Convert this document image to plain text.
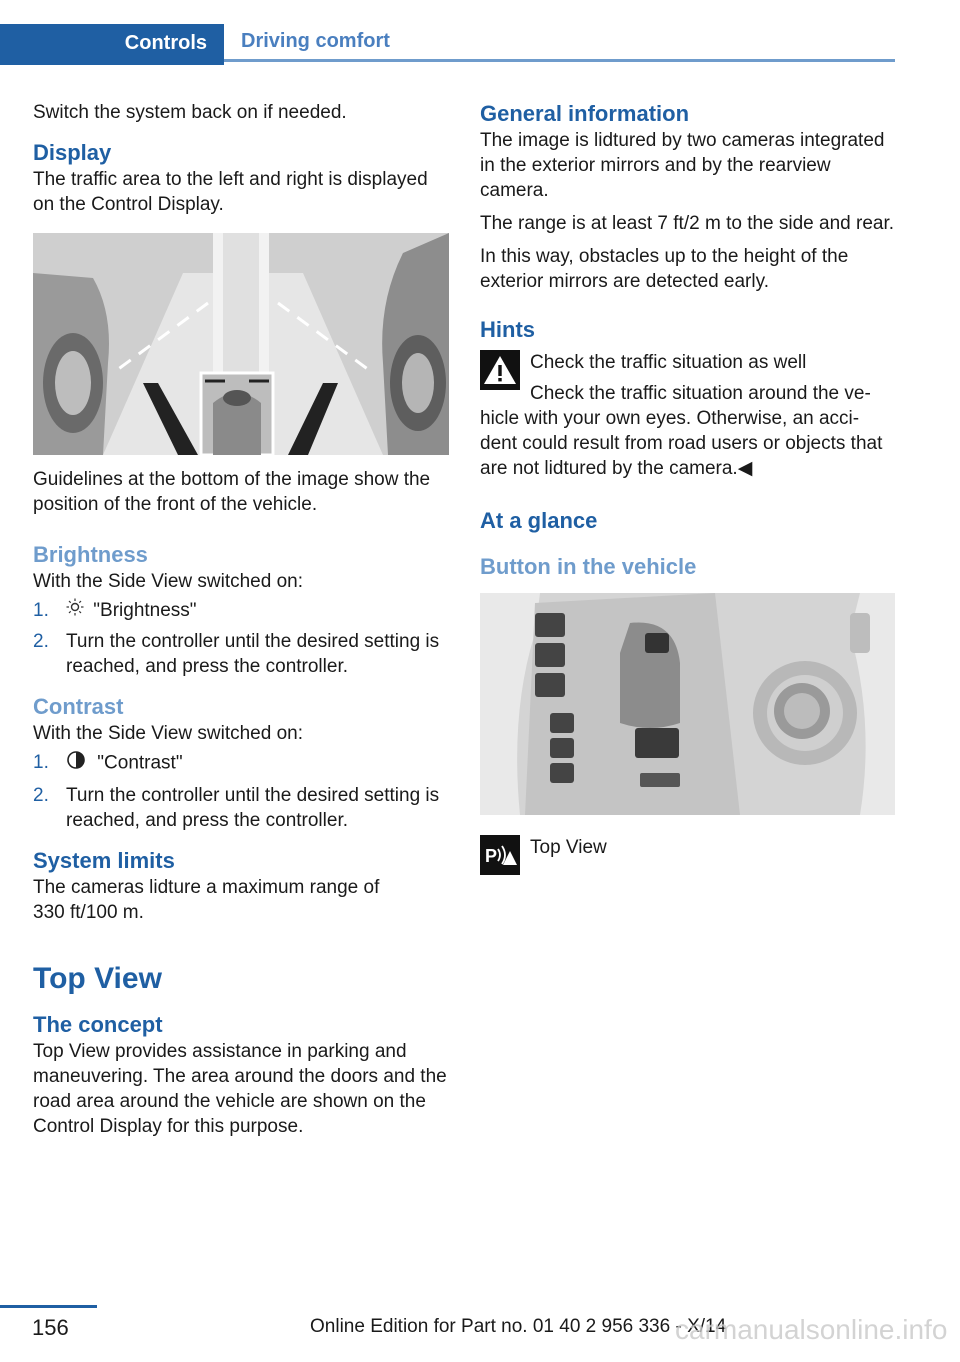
Controls	Driving comfort

Switch the system back on if needed.

Display

The traffic area to the left and right is displayed on the Control Display.

Guidelines at the bottom of the image show the position of the front of the vehicle.

Brightness

With the Side View switched on:

1. "Brightness"
2. Turn the controller until the desired setting is reached, and press the controller.
Contrast

With the Side View switched on:

1.	"Contrast"
2. Turn the controller until the desired setting is reached, and press the controller.
System limits

The cameras lidture a maximum range of 330 ft/100 m.

Top View
The concept

Top View provides assistance in parking and maneuvering. The area around the doors and the road area around the vehicle are shown on the Control Display for this purpose.

General information

The image is lidtured by two cameras integrated in the exterior mirrors and by the rearview camera.

The range is at least 7 ft/2 m to the side and rear.

In this way, obstacles up to the height of the exterior mirrors are detected early.

Hints

Check the traffic situation as well

Check the traffic situation around the ve-

hicle with your own eyes. Otherwise, an acci-dent could result from road users or objects that are not lidtured by the camera.◀

At a glance
Button in the vehicle
P Top View
156	Online Edition for Part no. 01 40 2 956 336 - X/14
carmanualsonline.info
